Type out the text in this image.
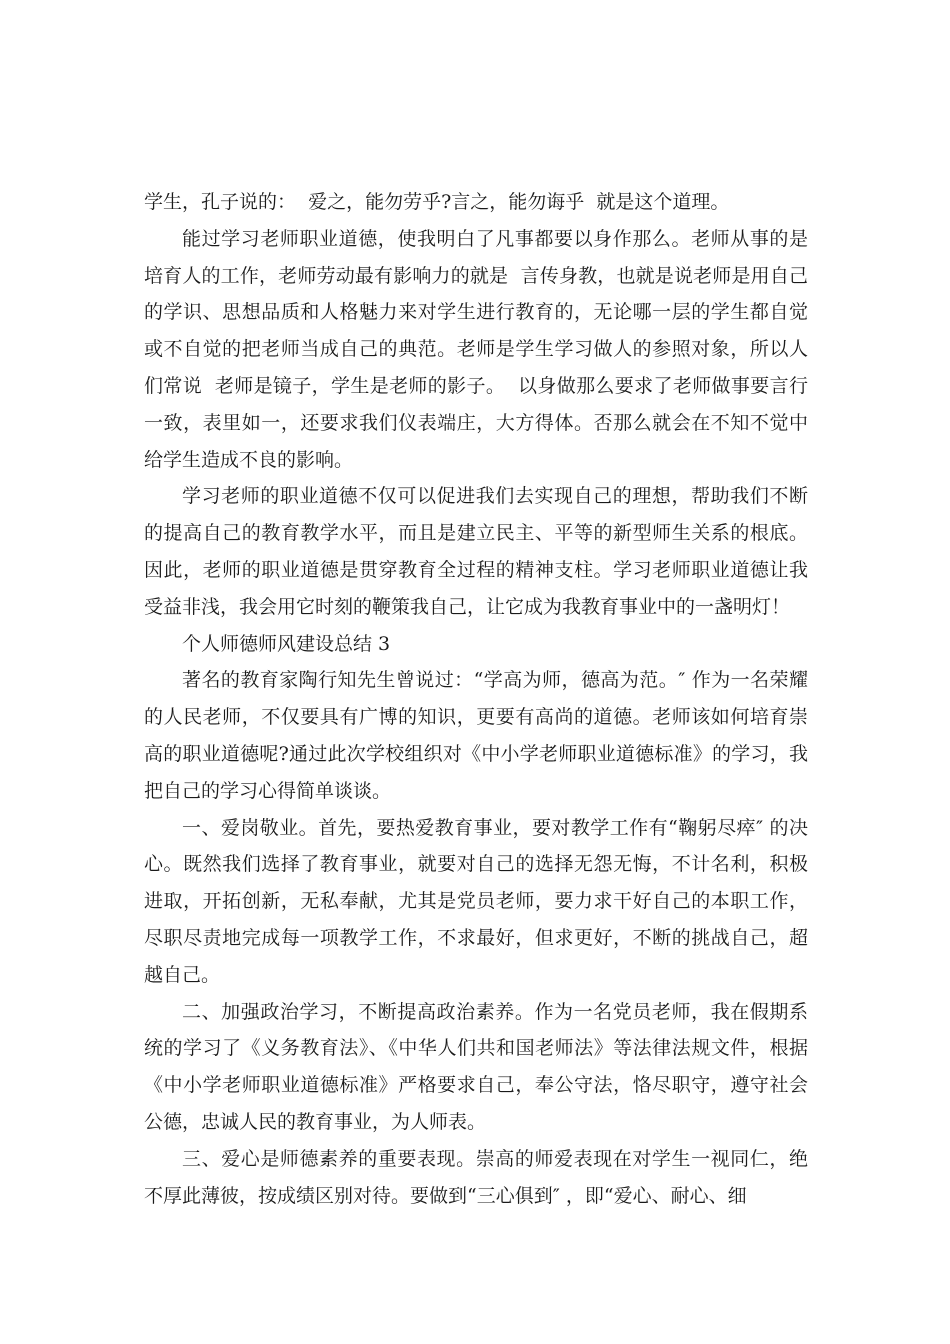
学生，孔子说的：  爱之，能勿劳乎?言之，能勿诲乎  就是这个道理。

能过学习老师职业道德，使我明白了凡事都要以身作那么。老师从事的是培育人的工作，老师劳动最有影响力的就是  言传身教，也就是说老师是用自己的学识、思想品质和人格魅力来对学生进行教育的，无论哪一层的学生都自觉或不自觉的把老师当成自己的典范。老师是学生学习做人的参照对象，所以人们常说  老师是镜子，学生是老师的影子。  以身做那么要求了老师做事要言行一致，表里如一，还要求我们仪表端庄，大方得体。否那么就会在不知不觉中给学生造成不良的影响。

学习老师的职业道德不仅可以促进我们去实现自己的理想，帮助我们不断的提高自己的教育教学水平，而且是建立民主、平等的新型师生关系的根底。因此，老师的职业道德是贯穿教育全过程的精神支柱。学习老师职业道德让我受益非浅，我会用它时刻的鞭策我自己，让它成为我教育事业中的一盏明灯！

个人师德师风建设总结 3

著名的教育家陶行知先生曾说过：“学高为师，德高为范。″ 作为一名荣耀的人民老师，不仅要具有广博的知识，更要有高尚的道德。老师该如何培育崇高的职业道德呢?通过此次学校组织对《中小学老师职业道德标准》的学习，我把自己的学习心得简单谈谈。

一、爱岗敬业。首先，要热爱教育事业，要对教学工作有“鞠躬尽瘁″ 的决心。既然我们选择了教育事业，就要对自己的选择无怨无悔，不计名利，积极进取，开拓创新，无私奉献，尤其是党员老师，要力求干好自己的本职工作，尽职尽责地完成每一项教学工作，不求最好，但求更好，不断的挑战自己，超越自己。

二、加强政治学习，不断提高政治素养。作为一名党员老师，我在假期系统的学习了《义务教育法》、《中华人们共和国老师法》等法律法规文件，根据《中小学老师职业道德标准》严格要求自己，奉公守法，恪尽职守，遵守社会公德，忠诚人民的教育事业，为人师表。

三、爱心是师德素养的重要表现。崇高的师爱表现在对学生一视同仁，绝不厚此薄彼，按成绩区别对待。要做到“三心俱到″ ，即“爱心、耐心、细
